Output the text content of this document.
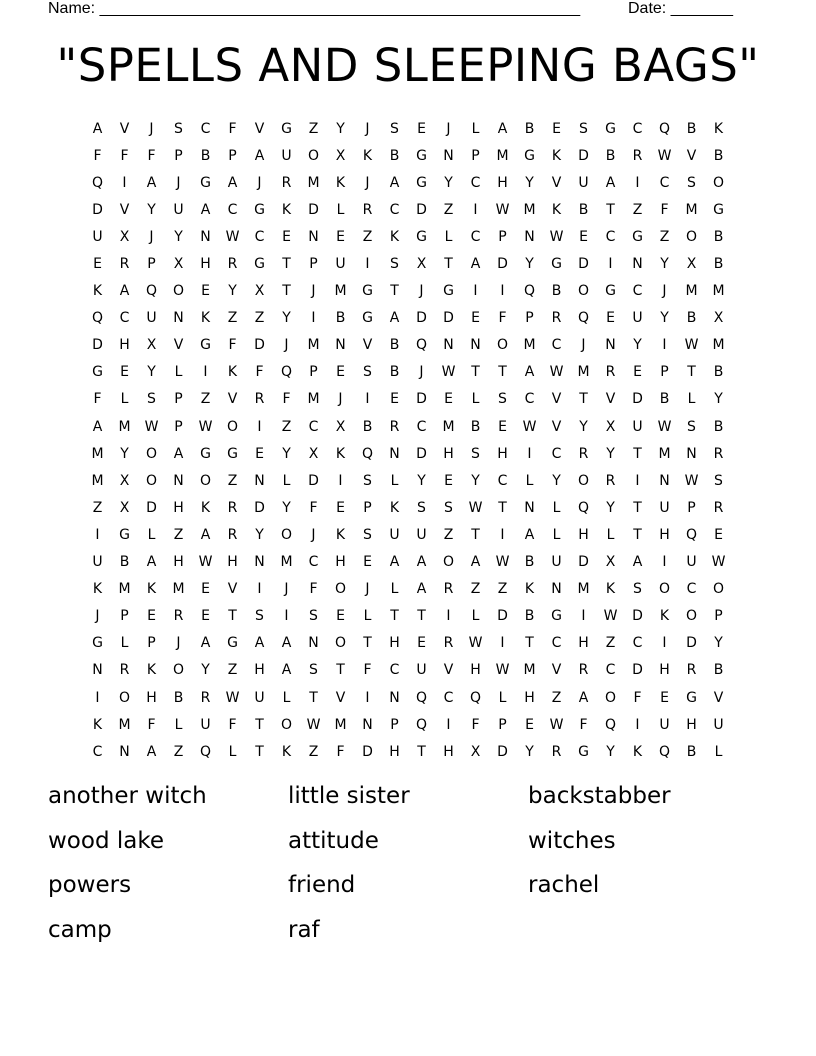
Name: ______________________________________________________	Date: _______
"SPELLS AND SLEEPING BAGS"
A	V	J	S	C	F	V	G	Z	Y	J	S	E	J	L	A	B	E	S	G	C	Q	B	K
F	F	F	P	B	P	A	U	O	X	K	B	G	N	P	M	G	K	D	B	R	W	V	B
Q	I	A	J	G	A	J	R	M	K	J	A	G	Y	C	H	Y	V	U	A	I	C	S	O
D	V	Y	U	A	C	G	K	D	L	R	C	D	Z	I	W	M	K	B	T	Z	F	M	G
U	X	J	Y	N	W	C	E	N	E	Z	K	G	L	C	P	N	W	E	C	G	Z	O	B
E	R	P	X	H	R	G	T	P	U	I	S	X	T	A	D	Y	G	D	I	N	Y	X	B
K	A	Q	O	E	Y	X	T	J	M	G	T	J	G	I	I	Q	B	O	G	C	J	M	M
Q	C	U	N	K	Z	Z	Y	I	B	G	A	D	D	E	F	P	R	Q	E	U	Y	B	X
D	H	X	V	G	F	D	J	M	N	V	B	Q	N	N	O	M	C	J	N	Y	I	W	M
G	E	Y	L	I	K	F	Q	P	E	S	B	J	W	T	T	A	W	M	R	E	P	T	B
F	L	S	P	Z	V	R	F	M	J	I	E	D	E	L	S	C	V	T	V	D	B	L	Y
A	M	W	P	W	O	I	Z	C	X	B	R	C	M	B	E	W	V	Y	X	U	W	S	B
M	Y	O	A	G	G	E	Y	X	K	Q	N	D	H	S	H	I	C	R	Y	T	M	N	R
M	X	O	N	O	Z	N	L	D	I	S	L	Y	E	Y	C	L	Y	O	R	I	N	W	S
Z	X	D	H	K	R	D	Y	F	E	P	K	S	S	W	T	N	L	Q	Y	T	U	P	R
I	G	L	Z	A	R	Y	O	J	K	S	U	U	Z	T	I	A	L	H	L	T	H	Q	E
U	B	A	H	W	H	N	M	C	H	E	A	A	O	A	W	B	U	D	X	A	I	U	W
K	M	K	M	E	V	I	J	F	O	J	L	A	R	Z	Z	K	N	M	K	S	O	C	O
J	P	E	R	E	T	S	I	S	E	L	T	T	I	L	D	B	G	I	W	D	K	O	P
G	L	P	J	A	G	A	A	N	O	T	H	E	R	W	I	T	C	H	Z	C	I	D	Y
N	R	K	O	Y	Z	H	A	S	T	F	C	U	V	H	W	M	V	R	C	D	H	R	B
I	O	H	B	R	W	U	L	T	V	I	N	Q	C	Q	L	H	Z	A	O	F	E	G	V
K	M	F	L	U	F	T	O	W	M	N	P	Q	I	F	P	E	W	F	Q	I	U	H	U
C	N	A	Z	Q	L	T	K	Z	F	D	H	T	H	X	D	Y	R	G	Y	K	Q	B	L
another witch	little sister	backstabber
wood lake	attitude	witches
powers	friend	rachel
camp	raf
